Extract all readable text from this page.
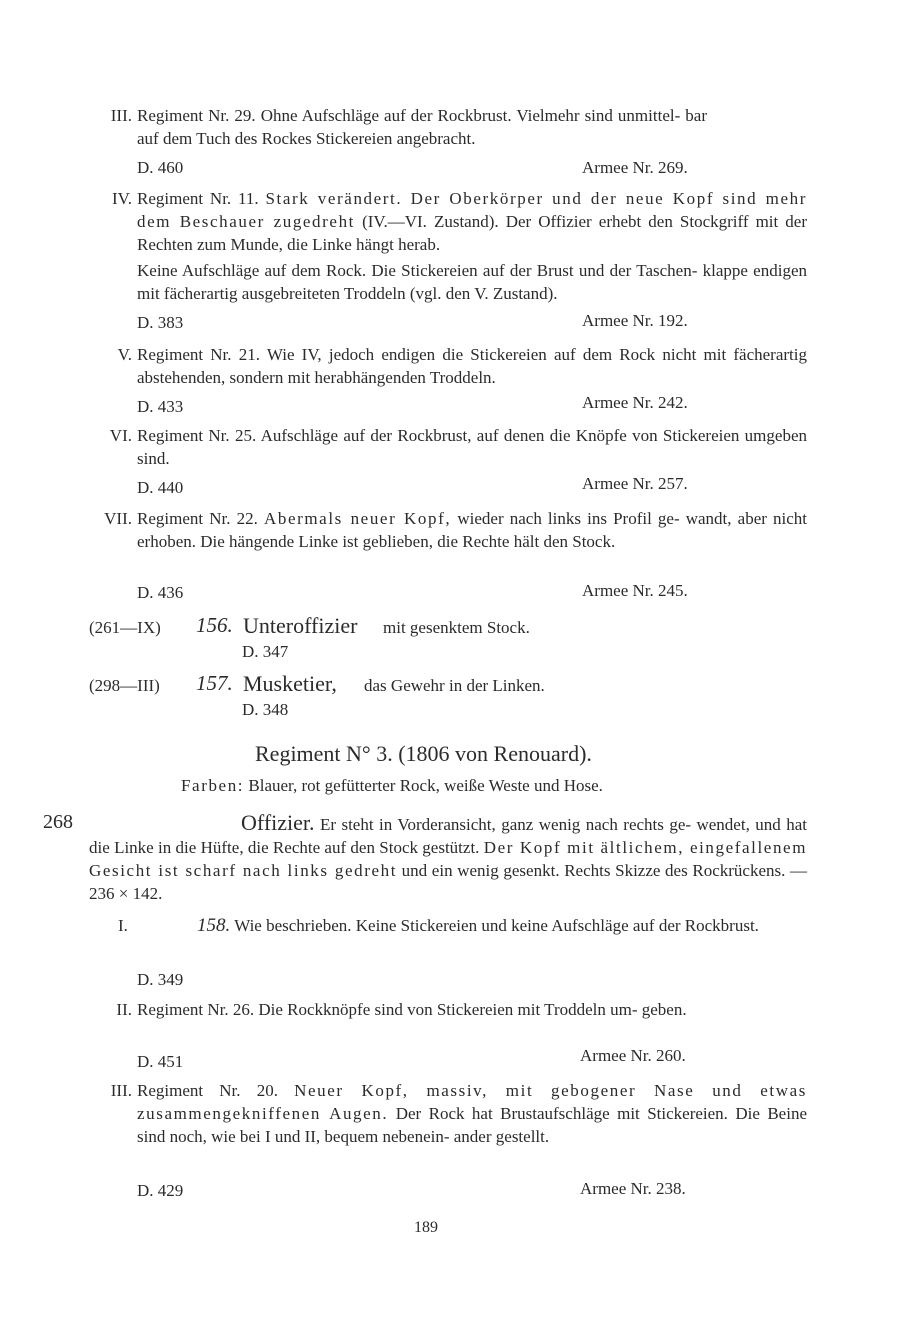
III. Regiment Nr. 29. Ohne Aufschläge auf der Rockbrust. Vielmehr sind unmittel- bar auf dem Tuch des Rockes Stickereien angebracht.
D. 460	Armee Nr. 269.
IV. Regiment Nr. 11. Stark verändert. Der Oberkörper und der neue Kopf sind mehr dem Beschauer zugedreht (IV.—VI. Zustand). Der Offizier erhebt den Stockgriff mit der Rechten zum Munde, die Linke hängt herab.
Keine Aufschläge auf dem Rock. Die Stickereien auf der Brust und der Taschen- klappe endigen mit fächerartig ausgebreiteten Troddeln (vgl. den V. Zustand).
D. 383	Armee Nr. 192.
V. Regiment Nr. 21. Wie IV, jedoch endigen die Stickereien auf dem Rock nicht mit fächerartig abstehenden, sondern mit herabhängenden Troddeln.
D. 433	Armee Nr. 242.
VI. Regiment Nr. 25. Aufschläge auf der Rockbrust, auf denen die Knöpfe von Stickereien umgeben sind.
D. 440	Armee Nr. 257.
VII. Regiment Nr. 22. Abermals neuer Kopf, wieder nach links ins Profil ge- wandt, aber nicht erhoben. Die hängende Linke ist geblieben, die Rechte hält den Stock.
D. 436	Armee Nr. 245.
(261—IX) 156. Unteroffizier mit gesenktem Stock.
D. 347
(298—III) 157. Musketier, das Gewehr in der Linken.
D. 348
Regiment N° 3. (1806 von Renouard).
Farben: Blauer, rot gefütterter Rock, weiße Weste und Hose.
268	Offizier. Er steht in Vorderansicht, ganz wenig nach rechts ge- wendet, und hat die Linke in die Hüfte, die Rechte auf den Stock gestützt. Der Kopf mit ältlichem, eingefallenem Gesicht ist scharf nach links gedreht und ein wenig gesenkt. Rechts Skizze des Rockrückens. — 236 × 142.
I.	158. Wie beschrieben. Keine Stickereien und keine Aufschläge auf der Rockbrust.
D. 349
II. Regiment Nr. 26. Die Rockknöpfe sind von Stickereien mit Troddeln um- geben.
D. 451	Armee Nr. 260.
III. Regiment Nr. 20. Neuer Kopf, massiv, mit gebogener Nase und etwas zusammengekniffenen Augen. Der Rock hat Brustaufschläge mit Stickereien. Die Beine sind noch, wie bei I und II, bequem nebenein- ander gestellt.
D. 429	Armee Nr. 238.
189
